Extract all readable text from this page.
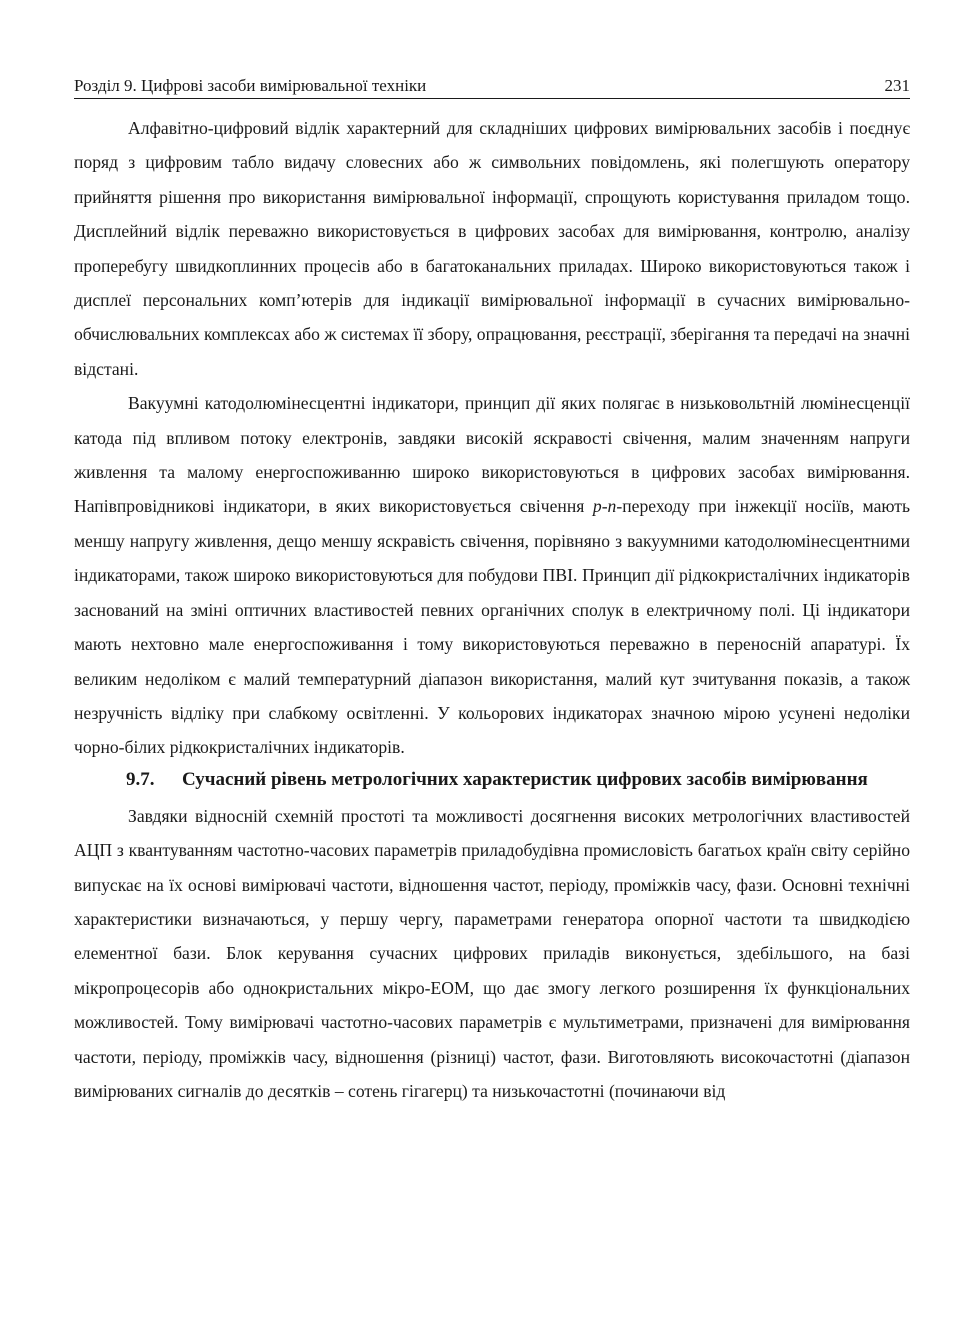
Розділ 9. Цифрові засоби вимірювальної техніки	231

Алфавітно-цифровий відлік характерний для складніших цифрових вимірювальних засобів і поєднує поряд з цифровим табло видачу словесних або ж символьних повідомлень, які полегшують оператору прийняття рішення про використання вимірювальної інформації, спрощують користування приладом тощо. Дисплейний відлік переважно використовується в цифрових засобах для вимірювання, контролю, аналізу проперебугу швидкоплинних процесів або в багатоканальних приладах. Широко використовуються також і дисплеї персональних комп’ютерів для індикації вимірювальної інформації в сучасних вимірювально-обчислювальних комплексах або ж системах її збору, опрацювання, реєстрації, зберігання та передачі на значні відстані.

Вакуумні катодолюмінесцентні індикатори, принцип дії яких полягає в низьковольтній люмінесценції катода під впливом потоку електронів, завдяки високій яскравості свічення, малим значенням напруги живлення та малому енергоспоживанню широко використовуються в цифрових засобах вимірювання. Напівпровідникові індикатори, в яких використовується свічення p-n-переходу при інжекції носіїв, мають меншу напругу живлення, дещо меншу яскравість свічення, порівняно з вакуумними катодолюмінесцентними індикаторами, також широко використовуються для побудови ПВІ. Принцип дії рідкокристалічних індикаторів заснований на зміні оптичних властивостей певних органічних сполук в електричному полі. Ці індикатори мають нехтовно мале енергоспоживання і тому використовуються переважно в переносній апаратурі. Їх великим недоліком є малий температурний діапазон використання, малий кут зчитування показів, а також незручність відліку при слабкому освітленні. У кольорових індикаторах значною мірою усунені недоліки чорно-білих рідкокристалічних індикаторів.

9.7.	Сучасний рівень метрологічних характеристик цифрових засобів вимірювання

Завдяки відносній схемній простоті та можливості досягнення високих метрологічних властивостей АЦП з квантуванням частотно-часових параметрів приладобудівна промисловість багатьох країн світу серійно випускає на їх основі вимірювачі частоти, відношення частот, періоду, проміжків часу, фази. Основні технічні характеристики визначаються, у першу чергу, параметрами генератора опорної частоти та швидкодією елементної бази. Блок керування сучасних цифрових приладів виконується, здебільшого, на базі мікропроцесорів або однокристальних мікро-ЕОМ, що дає змогу легкого розширення їх функціональних можливостей. Тому вимірювачі частотно-часових параметрів є мультиметрами, призначені для вимірювання частоти, періоду, проміжків часу, відношення (різниці) частот, фази. Виготовляють високочастотні (діапазон вимірюваних сигналів до десятків – сотень гігагерц) та низькочастотні (починаючи від
